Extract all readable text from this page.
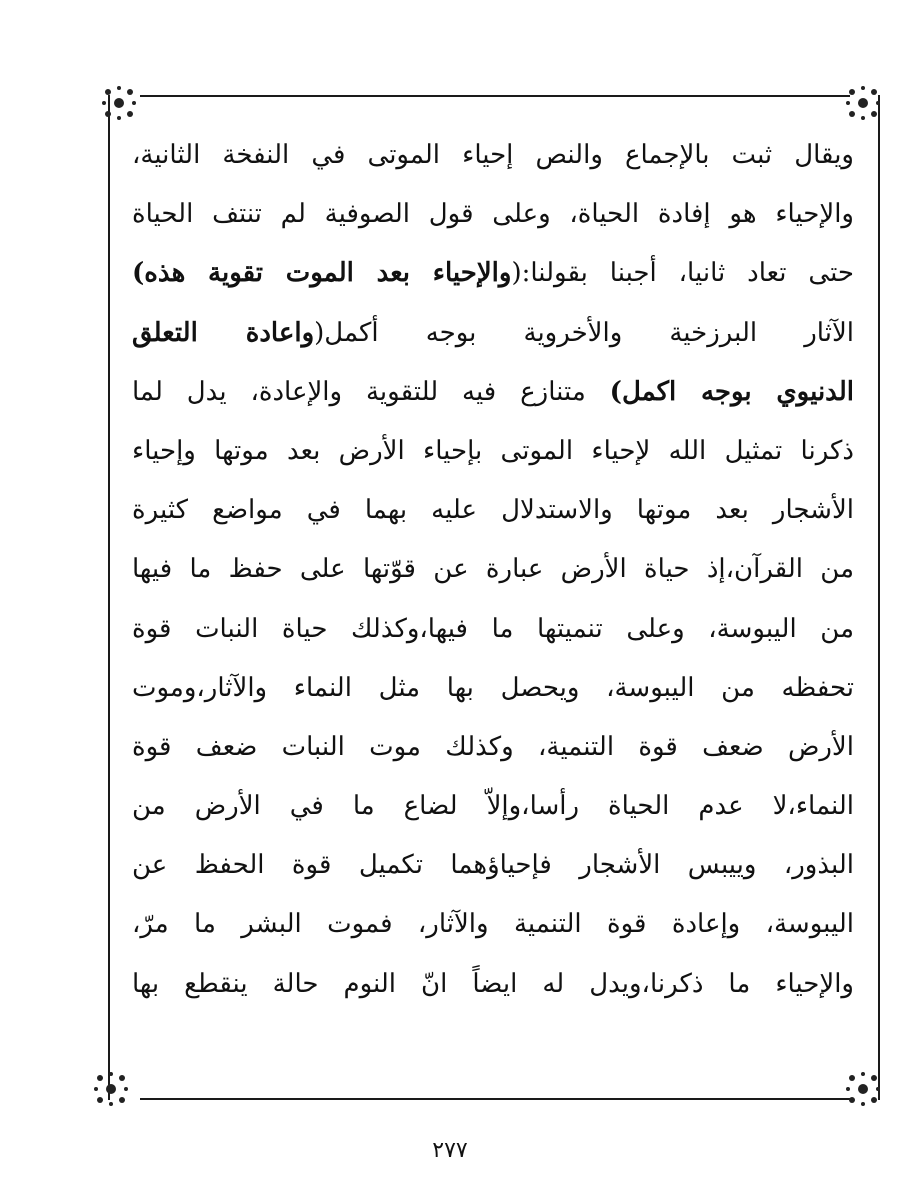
ويقال ثبت بالإجماع والنص إحياء الموتى في النفخة الثانية،
والإحياء هو إفادة الحياة، وعلى قول الصوفية لم تنتف الحياة
حتى تعاد ثانيا، أجبنا بقولنا:(والإحياء بعد الموت تقوية هذه)
الآثار البرزخية والأخروية بوجه أكمل(واعادة التعلق
الدنيوي بوجه اكمل) متنازع فيه للتقوية والإعادة، يدل لما
ذكرنا تمثيل الله لإحياء الموتى بإحياء الأرض بعد موتها وإحياء
الأشجار بعد موتها والاستدلال عليه بهما في مواضع كثيرة
من القرآن،إذ حياة الأرض عبارة عن قوّتها على حفظ ما فيها
من اليبوسة، وعلى تنميتها ما فيها،وكذلك حياة النبات قوة
تحفظه من اليبوسة، ويحصل بها مثل النماء والآثار،وموت
الأرض ضعف قوة التنمية، وكذلك موت النبات ضعف قوة
النماء،لا عدم الحياة رأسا،وإلاّ لضاع ما في الأرض من
البذور، وييبس الأشجار فإحياؤهما تكميل قوة الحفظ عن
اليبوسة، وإعادة قوة التنمية والآثار، فموت البشر ما مرّ،
والإحياء ما ذكرنا،ويدل له ايضاً انّ النوم حالة ينقطع بها
٢٧٧
